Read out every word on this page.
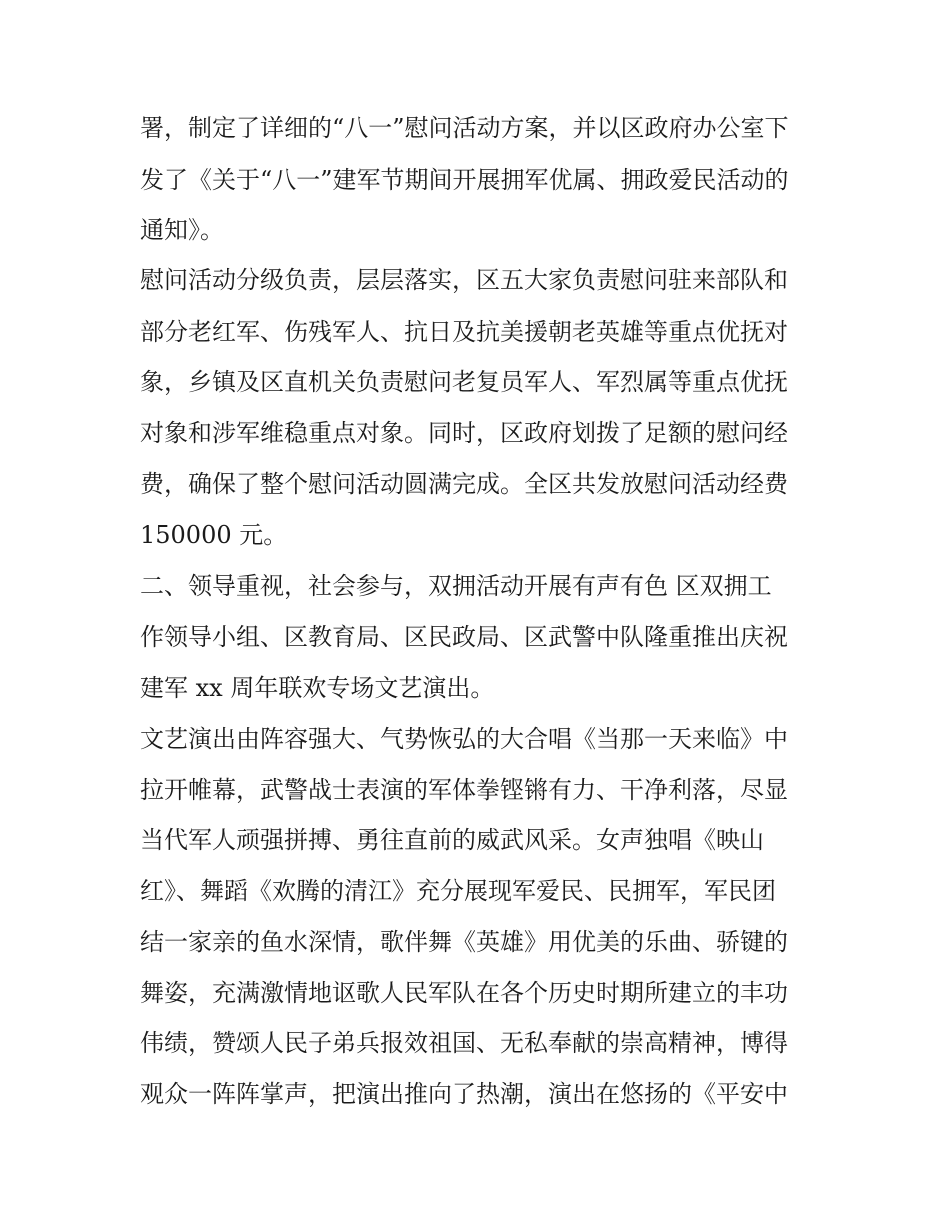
署，制定了详细的“八一”慰问活动方案，并以区政府办公室下
发了《关于“八一”建军节期间开展拥军优属、拥政爱民活动的
通知》。
慰问活动分级负责，层层落实，区五大家负责慰问驻来部队和
部分老红军、伤残军人、抗日及抗美援朝老英雄等重点优抚对
象，乡镇及区直机关负责慰问老复员军人、军烈属等重点优抚
对象和涉军维稳重点对象。同时，区政府划拨了足额的慰问经
费，确保了整个慰问活动圆满完成。全区共发放慰问活动经费
150000 元。
二、领导重视，社会参与，双拥活动开展有声有色 区双拥工
作领导小组、区教育局、区民政局、区武警中队隆重推出庆祝
建军 xx 周年联欢专场文艺演出。
文艺演出由阵容强大、气势恢弘的大合唱《当那一天来临》中
拉开帷幕，武警战士表演的军体拳铿锵有力、干净利落，尽显
当代军人顽强拼搏、勇往直前的威武风采。女声独唱《映山
红》、舞蹈《欢腾的清江》充分展现军爱民、民拥军，军民团
结一家亲的鱼水深情，歌伴舞《英雄》用优美的乐曲、骄键的
舞姿，充满激情地讴歌人民军队在各个历史时期所建立的丰功
伟绩，赞颂人民子弟兵报效祖国、无私奉献的崇高精神，博得
观众一阵阵掌声，把演出推向了热潮，演出在悠扬的《平安中
